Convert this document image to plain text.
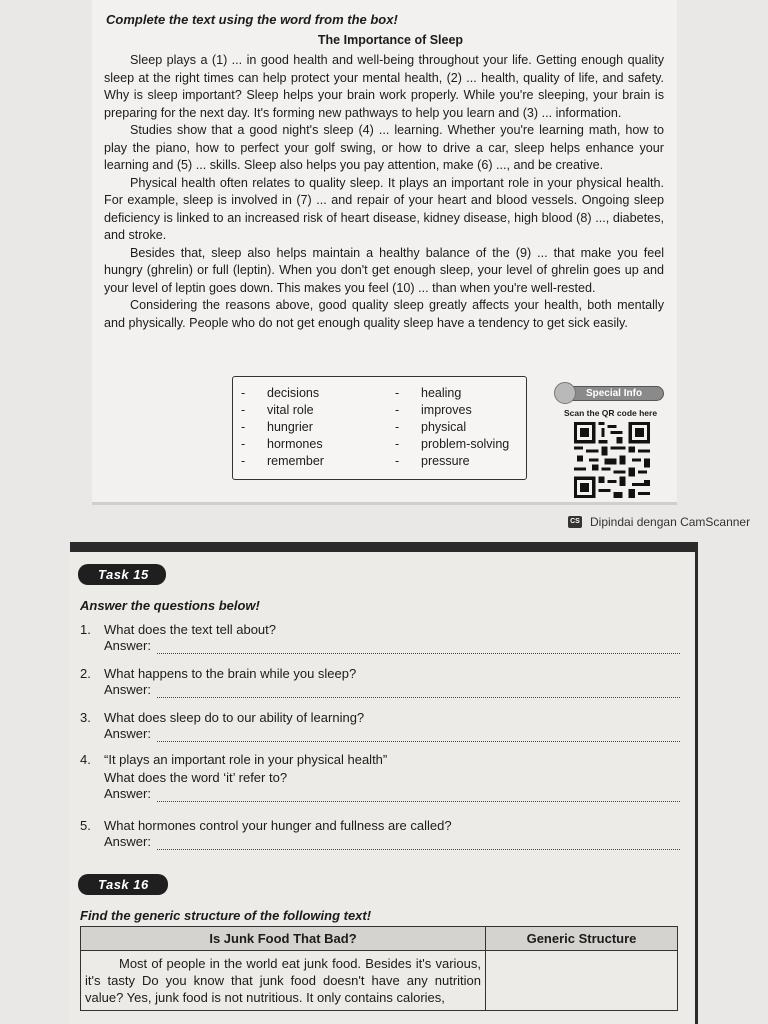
Complete the text using the word from the box!
The Importance of Sleep

Sleep plays a (1) ... in good health and well-being throughout your life. Getting enough quality sleep at the right times can help protect your mental health, (2) ... health, quality of life, and safety. Why is sleep important? Sleep helps your brain work properly. While you're sleeping, your brain is preparing for the next day. It's forming new pathways to help you learn and (3) ... information.

Studies show that a good night's sleep (4) ... learning. Whether you're learning math, how to play the piano, how to perfect your golf swing, or how to drive a car, sleep helps enhance your learning and (5) ... skills. Sleep also helps you pay attention, make (6) ..., and be creative.

Physical health often relates to quality sleep. It plays an important role in your physical health. For example, sleep is involved in (7) ... and repair of your heart and blood vessels. Ongoing sleep deficiency is linked to an increased risk of heart disease, kidney disease, high blood (8) ..., diabetes, and stroke.

Besides that, sleep also helps maintain a healthy balance of the (9) ... that make you feel hungry (ghrelin) or full (leptin). When you don't get enough sleep, your level of ghrelin goes up and your level of leptin goes down. This makes you feel (10) ... than when you're well-rested.

Considering the reasons above, good quality sleep greatly affects your health, both mentally and physically. People who do not get enough quality sleep have a tendency to get sick easily.

- decisions
- vital role
- hungrier
- hormones
- remember
- healing
- improves
- physical
- problem-solving
- pressure
Special Info
Scan the QR code here
CS Dipindai dengan CamScanner
Task 15
Answer the questions below!
1.	What does the text tell about?
Answer:
2.	What happens to the brain while you sleep?
Answer:
3.	What does sleep do to our ability of learning?
Answer:
4.	“It plays an important role in your physical health”
What does the word ‘it’ refer to?
Answer:
5.	What hormones control your hunger and fullness are called?
Answer:
Task 16
Find the generic structure of the following text!
Is Junk Food That Bad?	Generic Structure
Most of people in the world eat junk food. Besides it's various, it's tasty Do you know that junk food doesn't have any nutrition value? Yes, junk food is not nutritious. It only contains calories,	
